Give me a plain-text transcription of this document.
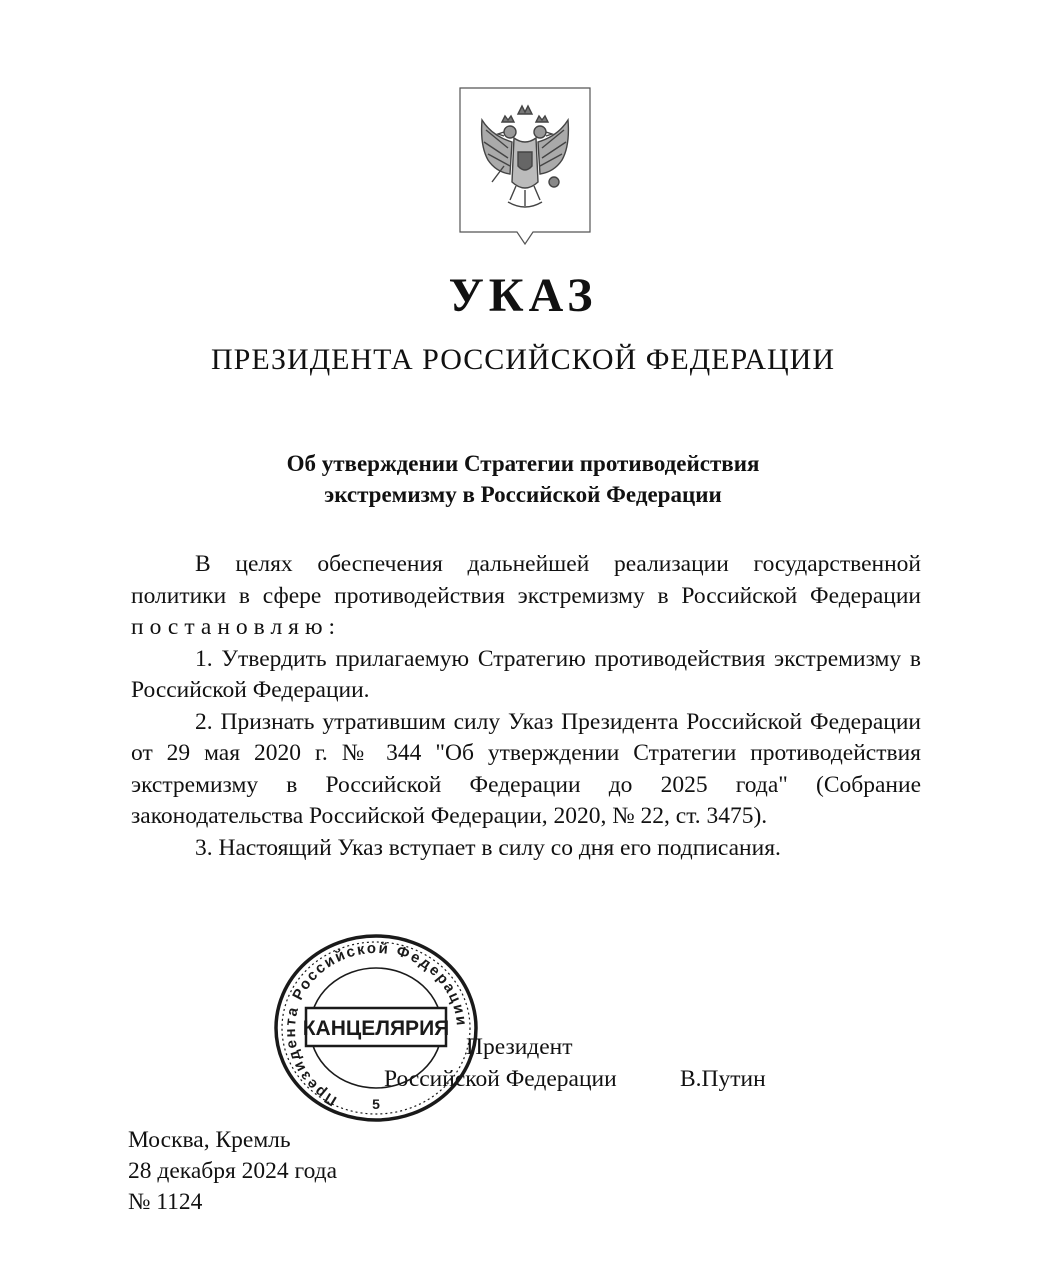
УКАЗ
ПРЕЗИДЕНТА РОССИЙСКОЙ ФЕДЕРАЦИИ
Об утверждении Стратегии противодействия
экстремизму в Российской Федерации

В целях обеспечения дальнейшей реализации государственной политики в сфере противодействия экстремизму в Российской Федерации постановляю:

1. Утвердить прилагаемую Стратегию противодействия экстремизму в Российской Федерации.

2. Признать утратившим силу Указ Президента Российской Федерации от 29 мая 2020 г. № 344 "Об утверждении Стратегии противодействия экстремизму в Российской Федерации до 2025 года" (Собрание законодательства Российской Федерации, 2020, № 22, ст. 3475).

3. Настоящий Указ вступает в силу со дня его подписания.

Президент
Российской Федерации	В.Путин
Президента Российской Федерации
КАНЦЕЛЯРИЯ
5
Москва, Кремль
28 декабря 2024 года
№ 1124
